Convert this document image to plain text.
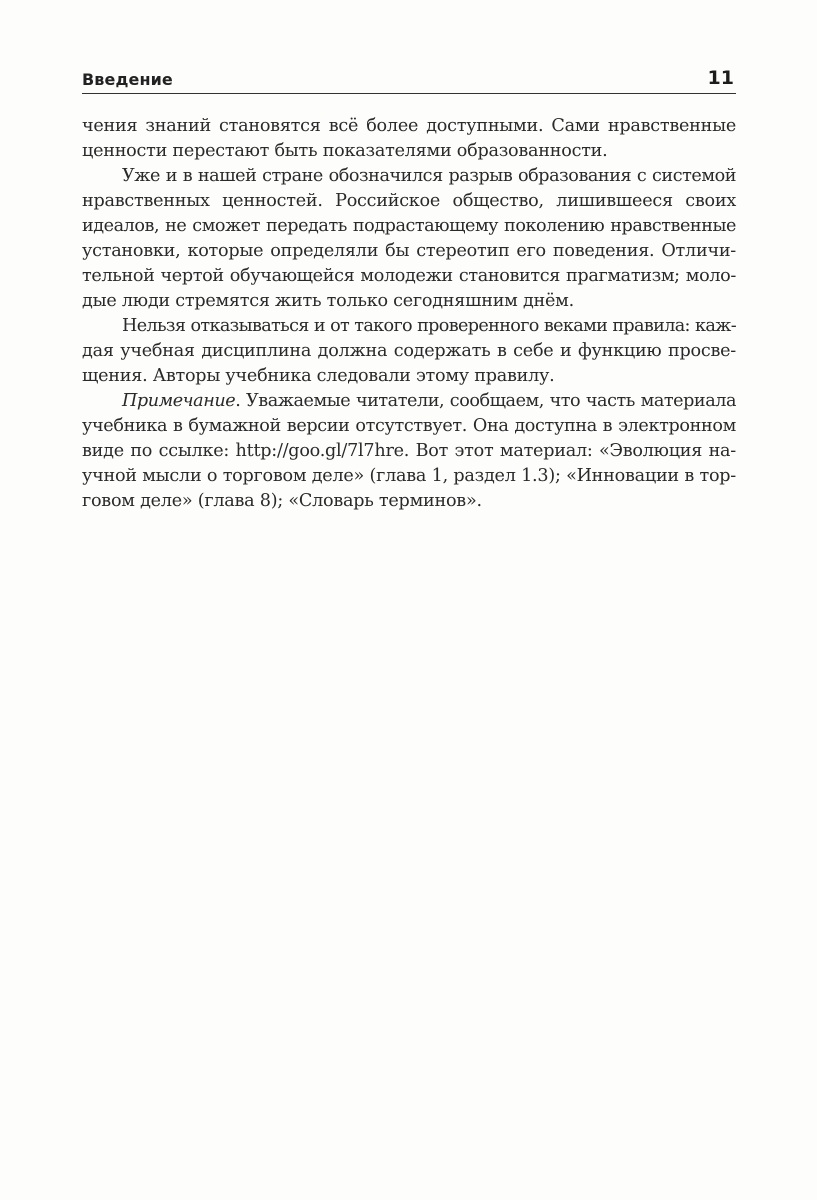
Введение	11
чения знаний становятся всё более доступными. Сами нравственные
ценности перестают быть показателями образованности.
Уже и в нашей стране обозначился разрыв образования с системой
нравственных ценностей. Российское общество, лишившееся своих
идеалов, не сможет передать подрастающему поколению нравственные
установки, которые определяли бы стереотип его поведения. Отличи-
тельной чертой обучающейся молодежи становится прагматизм; моло-
дые люди стремятся жить только сегодняшним днём.
Нельзя отказываться и от такого проверенного веками правила: каж-
дая учебная дисциплина должна содержать в себе и функцию просве-
щения. Авторы учебника следовали этому правилу.
Примечание. Уважаемые читатели, сообщаем, что часть материала
учебника в бумажной версии отсутствует. Она доступна в электронном
виде по ссылке: http://goo.gl/7l7hre. Вот этот материал: «Эволюция на-
учной мысли о торговом деле» (глава 1, раздел 1.3); «Инновации в тор-
говом деле» (глава 8); «Словарь терминов».
